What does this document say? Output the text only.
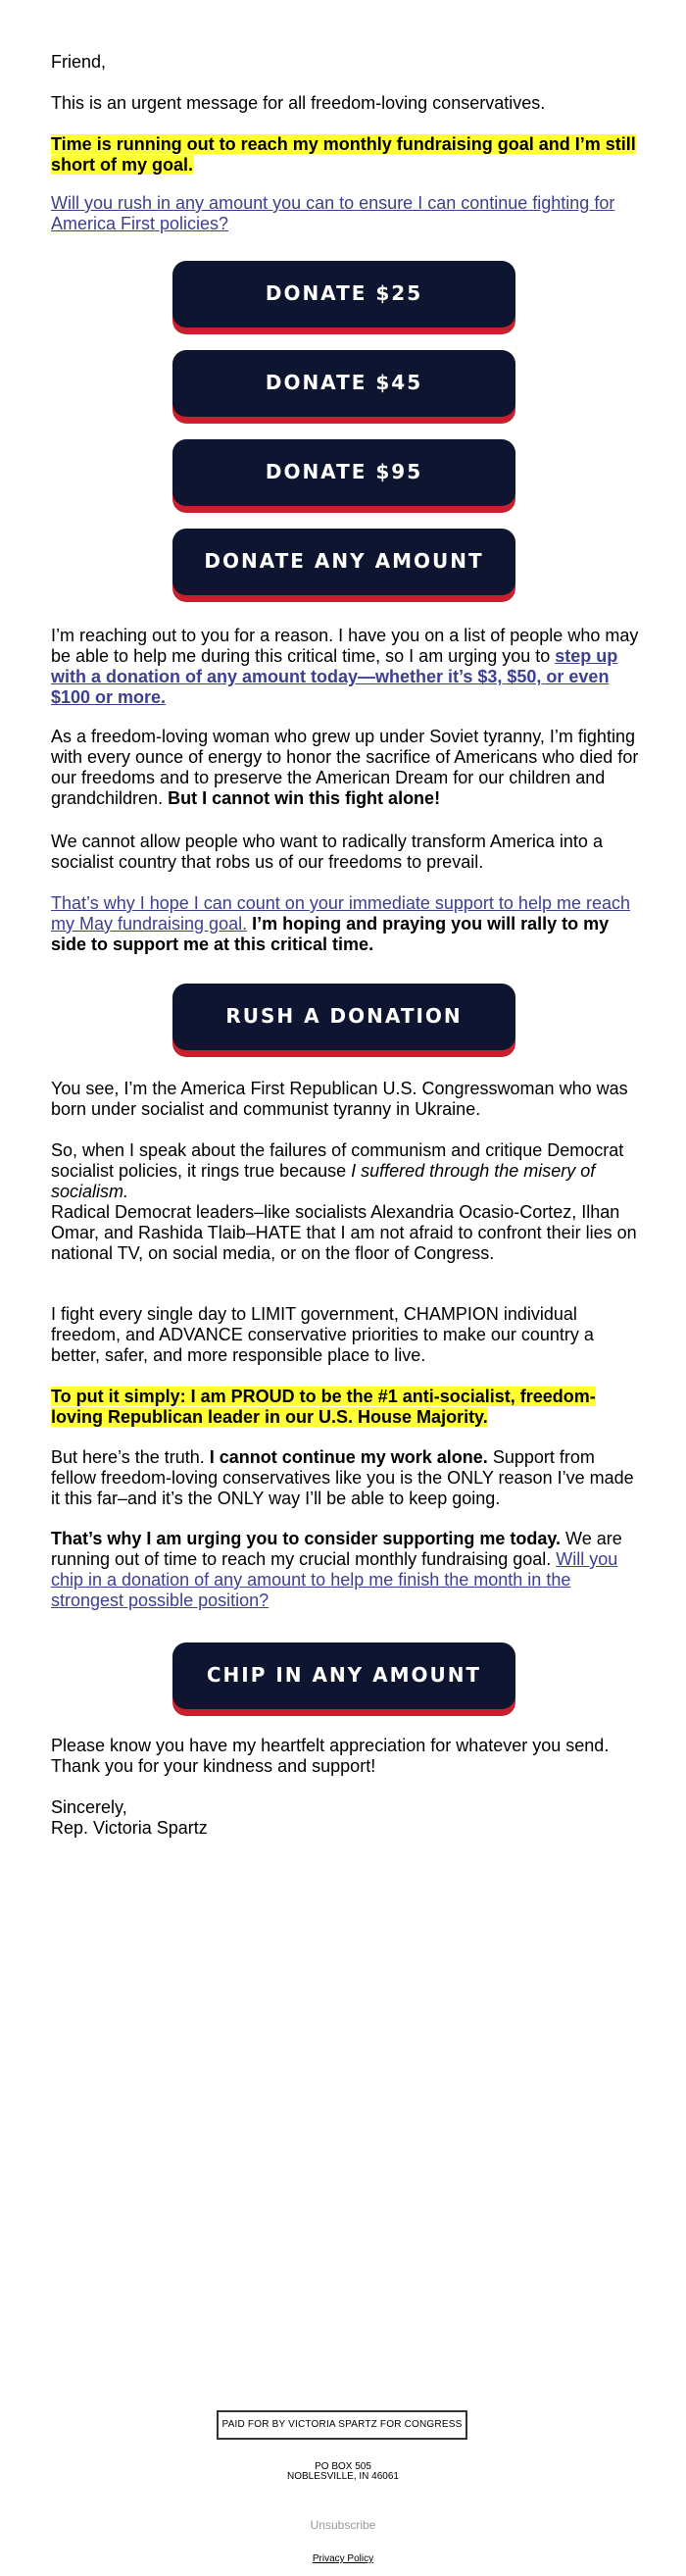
Friend,

This is an urgent message for all freedom-loving conservatives.

Time is running out to reach my monthly fundraising goal and I’m still short of my goal.

Will you rush in any amount you can to ensure I can continue fighting for America First policies?

I’m reaching out to you for a reason. I have you on a list of people who may be able to help me during this critical time, so I am urging you to step up with a donation of any amount today—whether it’s $3, $50, or even $100 or more.

As a freedom-loving woman who grew up under Soviet tyranny, I’m fighting with every ounce of energy to honor the sacrifice of Americans who died for our freedoms and to preserve the American Dream for our children and grandchildren. But I cannot win this fight alone!

We cannot allow people who want to radically transform America into a socialist country that robs us of our freedoms to prevail.

That’s why I hope I can count on your immediate support to help me reach my May fundraising goal. I’m hoping and praying you will rally to my side to support me at this critical time.

You see, I’m the America First Republican U.S. Congresswoman who was born under socialist and communist tyranny in Ukraine.

So, when I speak about the failures of communism and critique Democrat socialist policies, it rings true because I suffered through the misery of socialism.

Radical Democrat leaders–like socialists Alexandria Ocasio-Cortez, Ilhan Omar, and Rashida Tlaib–HATE that I am not afraid to confront their lies on national TV, on social media, or on the floor of Congress.

I fight every single day to LIMIT government, CHAMPION individual freedom, and ADVANCE conservative priorities to make our country a better, safer, and more responsible place to live.

To put it simply: I am PROUD to be the #1 anti-socialist, freedom-loving Republican leader in our U.S. House Majority.

But here’s the truth. I cannot continue my work alone. Support from fellow freedom-loving conservatives like you is the ONLY reason I’ve made it this far–and it’s the ONLY way I’ll be able to keep going.

That’s why I am urging you to consider supporting me today. We are running out of time to reach my crucial monthly fundraising goal. Will you chip in a donation of any amount to help me finish the month in the strongest possible position?

Please know you have my heartfelt appreciation for whatever you send. Thank you for your kindness and support!

Sincerely,

Rep. Victoria Spartz

DONATE $25
DONATE $45
DONATE $95
DONATE ANY AMOUNT
RUSH A DONATION
CHIP IN ANY AMOUNT
PAID FOR BY VICTORIA SPARTZ FOR CONGRESS
PO BOX 505
NOBLESVILLE, IN 46061
Unsubscribe
Privacy Policy
